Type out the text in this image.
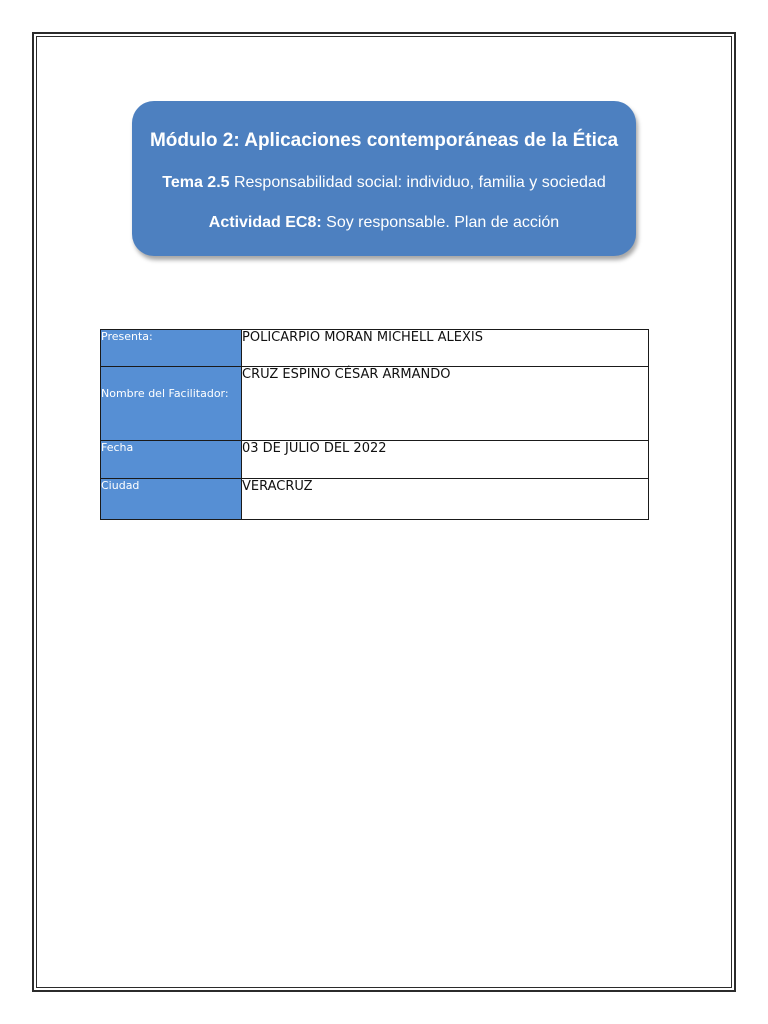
Módulo 2: Aplicaciones contemporáneas de la Ética
Tema 2.5 Responsabilidad social: individuo, familia y sociedad
Actividad EC8: Soy responsable. Plan de acción
Presenta:	POLICARPIO MORAN MICHELL ALEXIS

Nombre del Facilitador:	CRUZ ESPINO CÉSAR ARMANDO
Fecha	03 DE JULIO DEL 2022
Ciudad	VERACRUZ
